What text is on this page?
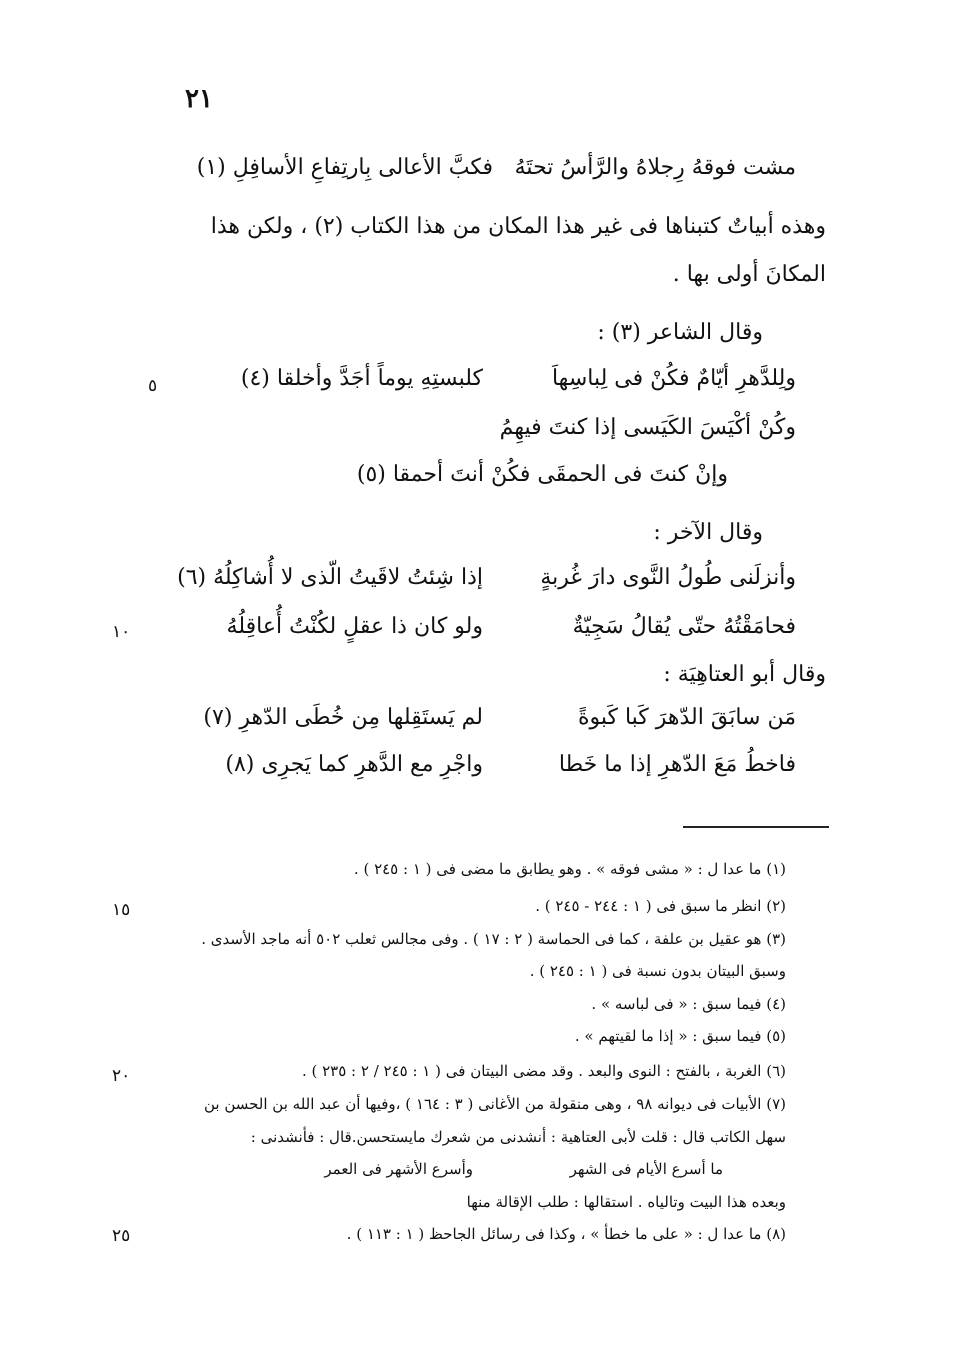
٢١
مشت فوقهُ رِجلاهُ والرَّأسُ تحتَهُ
فكبَّ الأعالى بِارتِفاعِ الأسافِلِ (١)
وهذه أبياتٌ كتبناها فى غير هذا المكان من هذا الكتاب (٢) ، ولكن هذا
المكانَ أولى بها .
وقال الشاعر (٣) :
ولِلدَّهرِ أيّامٌ فكُنْ فى لِباسِهاَ
كلبستِهِ يوماً أجَدَّ وأخلقا (٤)
وكُنْ أكْيَسَ الكَيَسى إذا كنتَ فيهِمُ
وإنْ كنتَ فى الحمقَى فكُنْ أنتَ أحمقا (٥)
وقال الآخر :
وأنزلَنى طُولُ النَّوى دارَ غُربةٍ
إذا شِئتُ لاقَيتُ الّذى لا أُشاكِلُهُ (٦)
فحامَقْتُهُ حتّى يُقالُ سَجِيّةٌ
ولو كان ذا عقلٍ لكُنْتُ أُعاقِلُهُ
وقال أبو العتاهِيَة :
مَن سابَقَ الدّهرَ كَبا كَبوةً
لم يَستَقِلها مِن خُطَى الدّهرِ (٧)
فاخطُ مَعَ الدّهرِ إذا ما خَطا
واجْرِ مع الدَّهرِ كما يَجرِى (٨)
٥
١٠
١٥
٢٠
٢٥
(١) ما عدا ل : « مشى فوقه » . وهو يطابق ما مضى فى ( ١ : ٢٤٥ ) .
(٢) انظر ما سبق فى ( ١ : ٢٤٤ - ٢٤٥ ) .
(٣) هو عقيل بن علفة ، كما فى الحماسة ( ٢ : ١٧ ) . وفى مجالس ثعلب ٥٠٢ أنه ماجد الأسدى .
وسبق البيتان بدون نسبة فى ( ١ : ٢٤٥ ) .
(٤) فيما سبق : « فى لباسه » .
(٥) فيما سبق : « إذا ما لقيتهم » .
(٦) الغربة ، بالفتح : النوى والبعد . وقد مضى البيتان فى ( ١ : ٢٤٥ / ٢ : ٢٣٥ ) .
(٧) الأبيات فى ديوانه ٩٨ ، وهى منقولة من الأغانى ( ٣ : ١٦٤ ) ،وفيها أن عبد الله بن الحسن بن
سهل الكاتب قال : قلت لأبى العتاهية : أنشدنى من شعرك مايستحسن.قال : فأنشدنى :
ما أسرع الأيام فى الشهر
وأسرع الأشهر فى العمر
وبعده هذا البيت وتالياه . استقالها : طلب الإقالة منها
(٨) ما عدا ل : « على ما خطأ » ، وكذا فى رسائل الجاحظ ( ١ : ١١٣ ) .
